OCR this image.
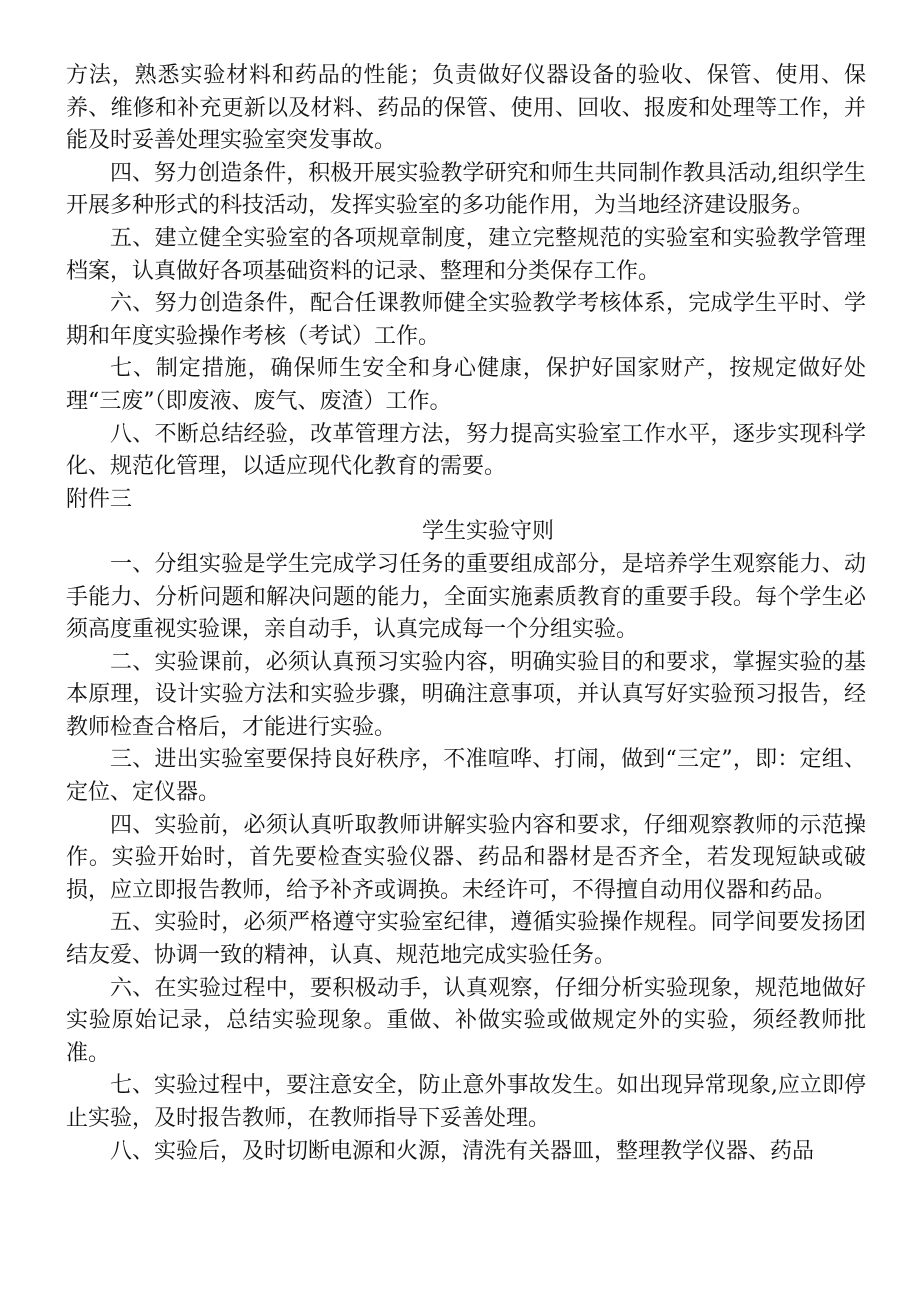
方法，熟悉实验材料和药品的性能；负责做好仪器设备的验收、保管、使用、保养、维修和补充更新以及材料、药品的保管、使用、回收、报废和处理等工作，并能及时妥善处理实验室突发事故。

四、努力创造条件，积极开展实验教学研究和师生共同制作教具活动,组织学生开展多种形式的科技活动，发挥实验室的多功能作用，为当地经济建设服务。

五、建立健全实验室的各项规章制度，建立完整规范的实验室和实验教学管理档案，认真做好各项基础资料的记录、整理和分类保存工作。

六、努力创造条件，配合任课教师健全实验教学考核体系，完成学生平时、学期和年度实验操作考核（考试）工作。

七、制定措施，确保师生安全和身心健康，保护好国家财产，按规定做好处理“三废”（即废液、废气、废渣）工作。

八、不断总结经验，改革管理方法，努力提高实验室工作水平，逐步实现科学化、规范化管理，以适应现代化教育的需要。

附件三

学生实验守则

一、分组实验是学生完成学习任务的重要组成部分，是培养学生观察能力、动手能力、分析问题和解决问题的能力，全面实施素质教育的重要手段。每个学生必须高度重视实验课，亲自动手，认真完成每一个分组实验。

二、实验课前，必须认真预习实验内容，明确实验目的和要求，掌握实验的基本原理，设计实验方法和实验步骤，明确注意事项，并认真写好实验预习报告，经教师检查合格后，才能进行实验。

三、进出实验室要保持良好秩序，不准喧哗、打闹，做到“三定”，即：定组、定位、定仪器。

四、实验前，必须认真听取教师讲解实验内容和要求，仔细观察教师的示范操作。实验开始时，首先要检查实验仪器、药品和器材是否齐全，若发现短缺或破损，应立即报告教师，给予补齐或调换。未经许可，不得擅自动用仪器和药品。

五、实验时，必须严格遵守实验室纪律，遵循实验操作规程。同学间要发扬团结友爱、协调一致的精神，认真、规范地完成实验任务。

六、在实验过程中，要积极动手，认真观察，仔细分析实验现象，规范地做好实验原始记录，总结实验现象。重做、补做实验或做规定外的实验，须经教师批准。

七、实验过程中，要注意安全，防止意外事故发生。如出现异常现象,应立即停止实验，及时报告教师，在教师指导下妥善处理。

八、实验后，及时切断电源和火源，清洗有关器皿，整理教学仪器、药品
